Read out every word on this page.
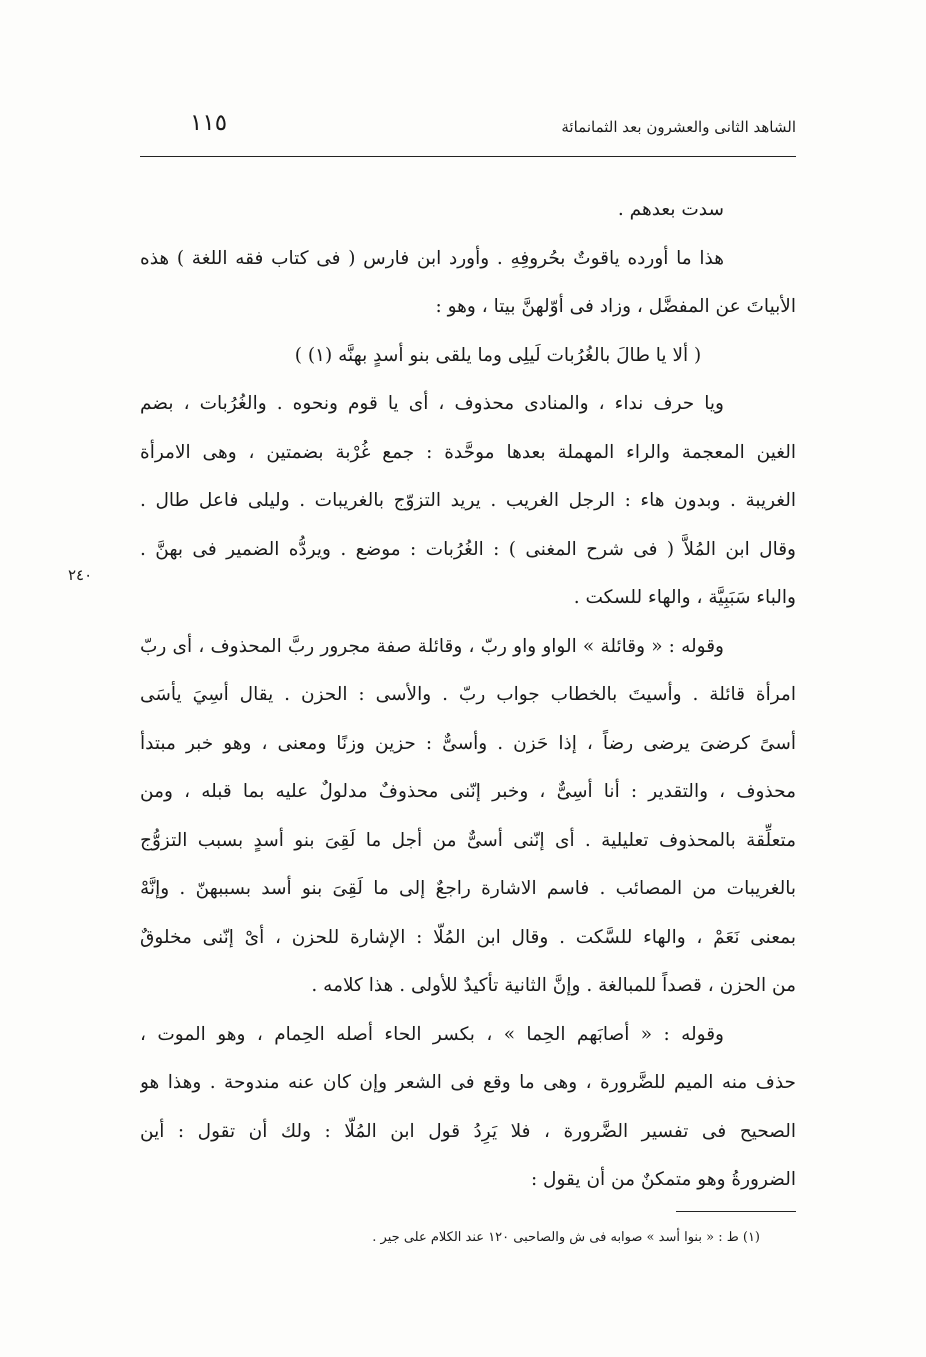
الشاهد الثانى والعشرون بعد الثمانمائة
١١٥
٢٤٠
سدت بعدهم .
هذا ما أورده ياقوتٌ بحُروفِهِ . وأورد ابن فارس ( فى كتاب فقه اللغة ) هذه
الأبياتَ عن المفضَّل ، وزاد فى أوّلهنَّ بيتا ، وهو :
( ألا يا طالَ بالغُرُبات لَيلِى وما يلقى بنو أسدٍ بهنَّه (١) )
ويا حرف نداء ، والمنادى محذوف ، أى يا قوم ونحوه . والغُرُبات ، بضم
الغين المعجمة والراء المهملة بعدها موحَّدة : جمع غُرْبة بضمتين ، وهى الامرأة
الغريبة . وبدون هاء : الرجل الغريب . يريد التزوّج بالغريبات . وليلى فاعل طال .
وقال ابن المُلاَّ ( فى شرح المغنى ) : الغُرُبات : موضع . ويردُّه الضمير فى بهنَّ .
والباء سَبَبِيَّة ، والهاء للسكت .
وقوله : « وقائلة » الواو واو ربّ ، وقائلة صفة مجرور ربَّ المحذوف ، أى ربّ
امرأة قائلة . وأسيتَ بالخطاب جواب ربّ . والأسى : الحزن . يقال أسِيَ يأسَى
أسىً كرضىَ يرضى رضاً ، إذا حَزن . وأسىٌّ : حزين وزنًا ومعنى ، وهو خبر مبتدأ
محذوف ، والتقدير : أنا أسِىٌّ ، وخبر إنّنى محذوفٌ مدلولٌ عليه بما قبله ، ومن
متعلِّقة بالمحذوف تعليلية . أى إنّنى أسىٌّ من أجل ما لَقِىَ بنو أسدٍ بسبب التزوُّج
بالغريبات من المصائب . فاسم الاشارة راجعٌ إلى ما لَقِىَ بنو أسد بسببهنّ . وإنَّهْ
بمعنى نَعَمْ ، والهاء للسَّكت . وقال ابن المُلّا : الإشارة للحزن ، أىْ إنّنى مخلوقٌ
من الحزن ، قصداً للمبالغة . وإنَّ الثانية تأكيدٌ للأولى . هذا كلامه .
وقوله : « أصابَهم الحِما » ، بكسر الحاء أصله الحِمام ، وهو الموت ،
حذف منه الميم للضَّرورة ، وهى ما وقع فى الشعر وإن كان عنه مندوحة . وهذا هو
الصحيح فى تفسير الضَّرورة ، فلا يَرِدُ قول ابن المُلّا : ولك أن تقول : أين
الضرورةُ وهو متمكنٌ من أن يقول :
(١) ط : « بنوا أسد » صوابه فى ش والصاحبى ١٢٠ عند الكلام على جير .
